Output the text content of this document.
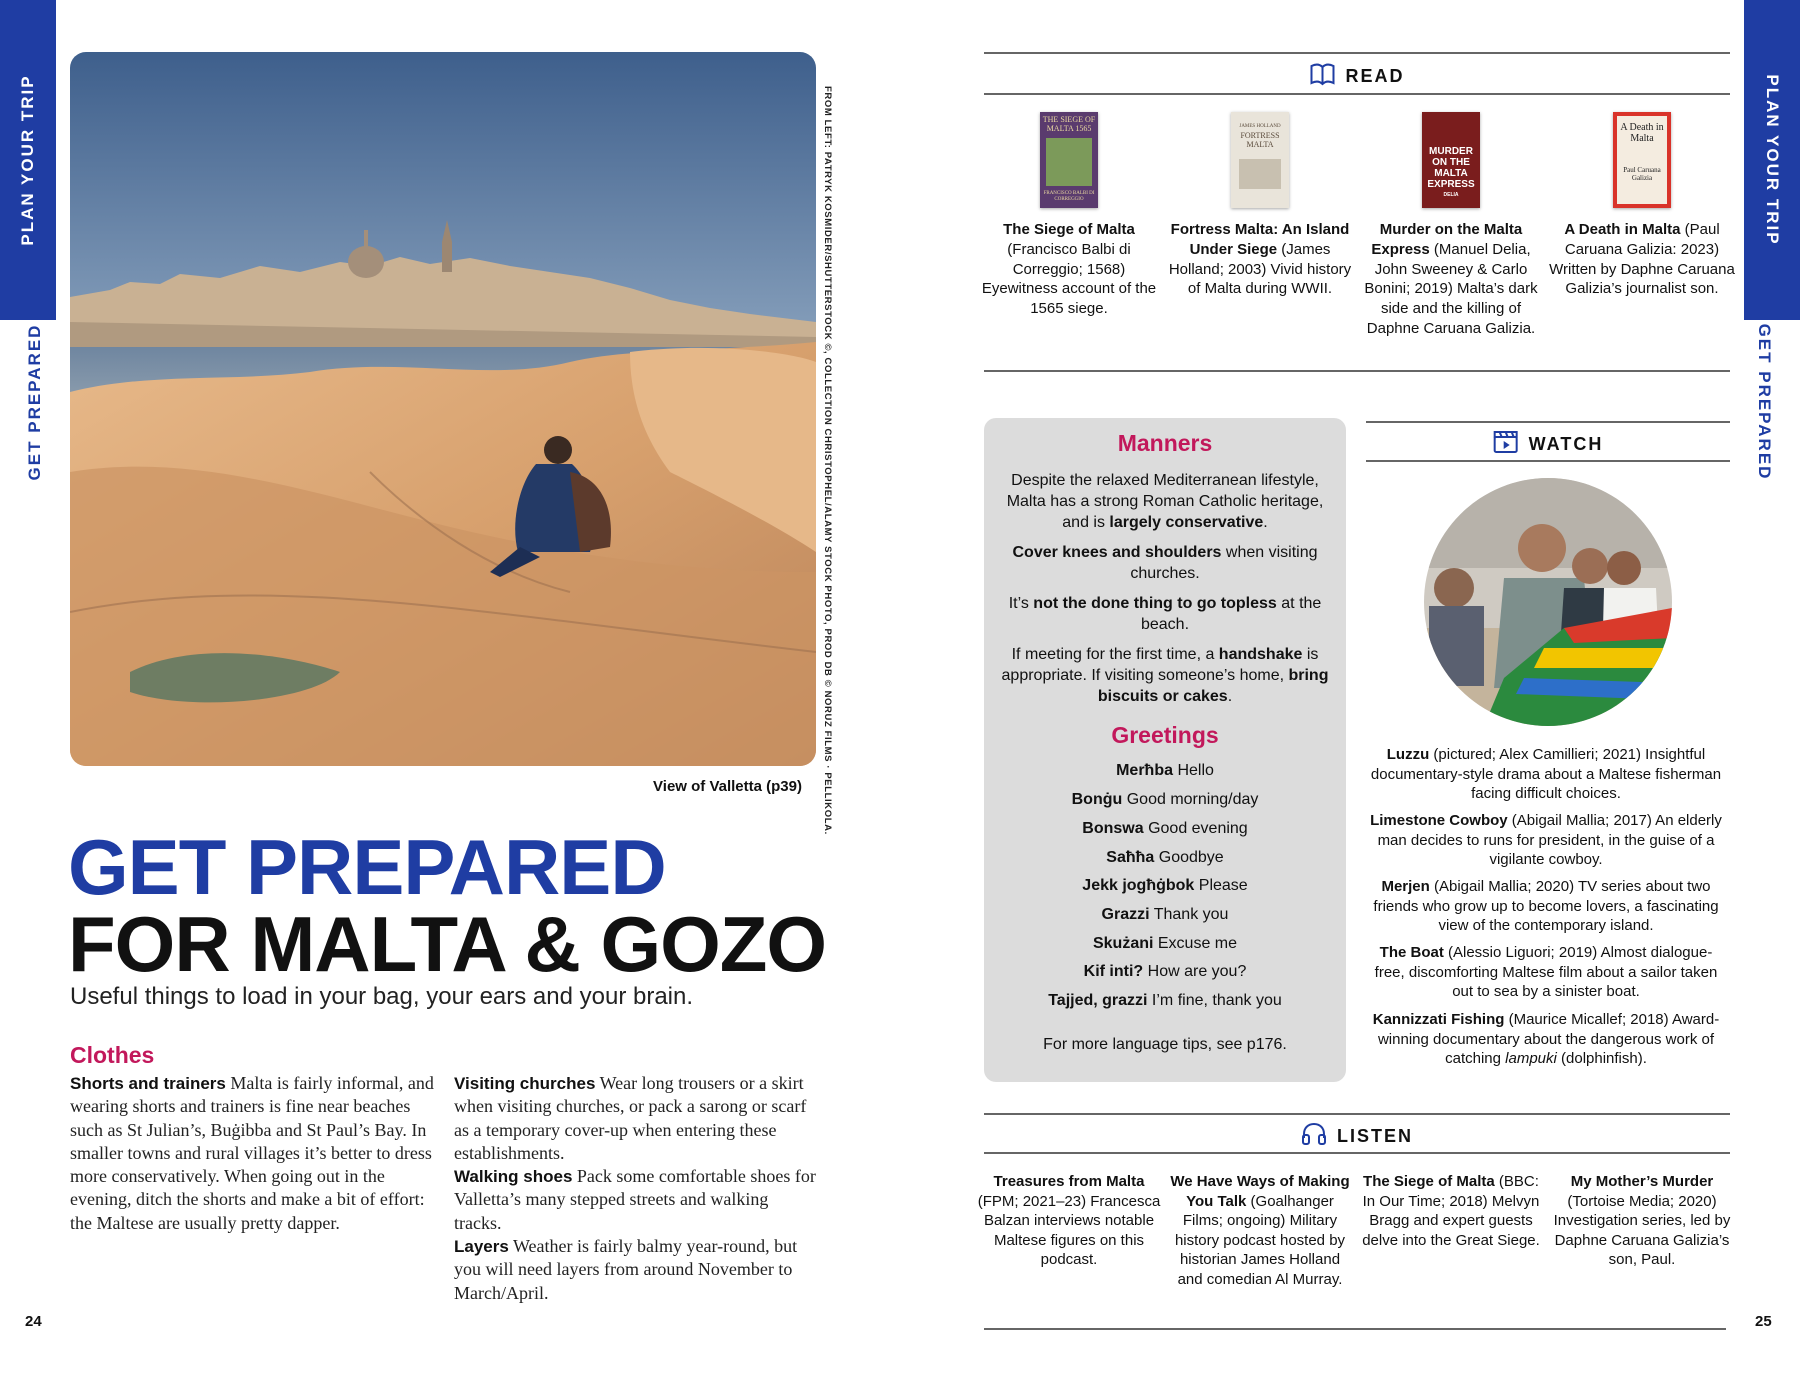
PLAN YOUR TRIP
GET PREPARED
PLAN YOUR TRIP
GET PREPARED
24	25
FROM LEFT: PATRYK KOSMIDER/SHUTTERSTOCK ©, COLLECTION CHRISTOPHEL/ALAMY STOCK PHOTO, PROD DB © NORUZ FILMS · PELLIKOLA.
View of Valletta (p39)
GET PREPARED
FOR MALTA & GOZO
Useful things to load in your bag, your ears and your brain.
Clothes
Shorts and trainers Malta is fairly informal, and wearing shorts and trainers is fine near beaches such as St Julian’s, Buġibba and St Paul’s Bay. In smaller towns and rural villages it’s better to dress more conservatively. When going out in the evening, ditch the shorts and make a bit of effort: the Maltese are usually pretty dapper.
Visiting churches Wear long trousers or a skirt when visiting churches, or pack a sarong or scarf as a temporary cover-up when entering these establishments.
Walking shoes Pack some comfortable shoes for Valletta’s many stepped streets and walking tracks.
Layers Weather is fairly balmy year-round, but you will need layers from around November to March/April.
READ
THE SIEGE OF MALTA 1565
FRANCISCO BALBI DI CORREGGIO
The Siege of Malta (Francisco Balbi di Correggio; 1568) Eyewitness account of the 1565 siege.
JAMES HOLLAND
FORTRESS MALTA
Fortress Malta: An Island Under Siege (James Holland; 2003) Vivid history of Malta during WWII.
MURDER ON THE MALTA EXPRESS
DELIA
Murder on the Malta Express (Manuel Delia, John Sweeney & Carlo Bonini; 2019) Malta’s dark side and the killing of Daphne Caruana Galizia.
A Death in Malta
Paul Caruana Galizia
A Death in Malta (Paul Caruana Galizia: 2023) Written by Daphne Caruana Galizia’s journalist son.
Manners
Despite the relaxed Mediterranean lifestyle, Malta has a strong Roman Catholic heritage, and is largely conservative.
Cover knees and shoulders when visiting churches.
It’s not the done thing to go topless at the beach.
If meeting for the first time, a handshake is appropriate. If visiting someone’s home, bring biscuits or cakes.
Greetings
Merħba Hello
Bonġu Good morning/day
Bonswa Good evening
Saħħa Goodbye
Jekk jogħġbok Please
Grazzi Thank you
Skużani Excuse me
Kif inti? How are you?
Tajjed, grazzi I’m fine, thank you
For more language tips, see p176.
WATCH
Luzzu (pictured; Alex Camillieri; 2021) Insightful documentary-style drama about a Maltese fisherman facing difficult choices.
Limestone Cowboy (Abigail Mallia; 2017) An elderly man decides to runs for president, in the guise of a vigilante cowboy.
Merjen (Abigail Mallia; 2020) TV series about two friends who grow up to become lovers, a fascinating view of the contemporary island.
The Boat (Alessio Liguori; 2019) Almost dialogue-free, discomforting Maltese film about a sailor taken out to sea by a sinister boat.
Kannizzati Fishing (Maurice Micallef; 2018) Award-winning documentary about the dangerous work of catching lampuki (dolphinfish).
LISTEN
Treasures from Malta (FPM; 2021–23) Francesca Balzan interviews notable Maltese figures on this podcast.
We Have Ways of Making You Talk (Goalhanger Films; ongoing) Military history podcast hosted by historian James Holland and comedian Al Murray.
The Siege of Malta (BBC: In Our Time; 2018) Melvyn Bragg and expert guests delve into the Great Siege.
My Mother’s Murder (Tortoise Media; 2020) Investigation series, led by Daphne Caruana Galizia’s son, Paul.
